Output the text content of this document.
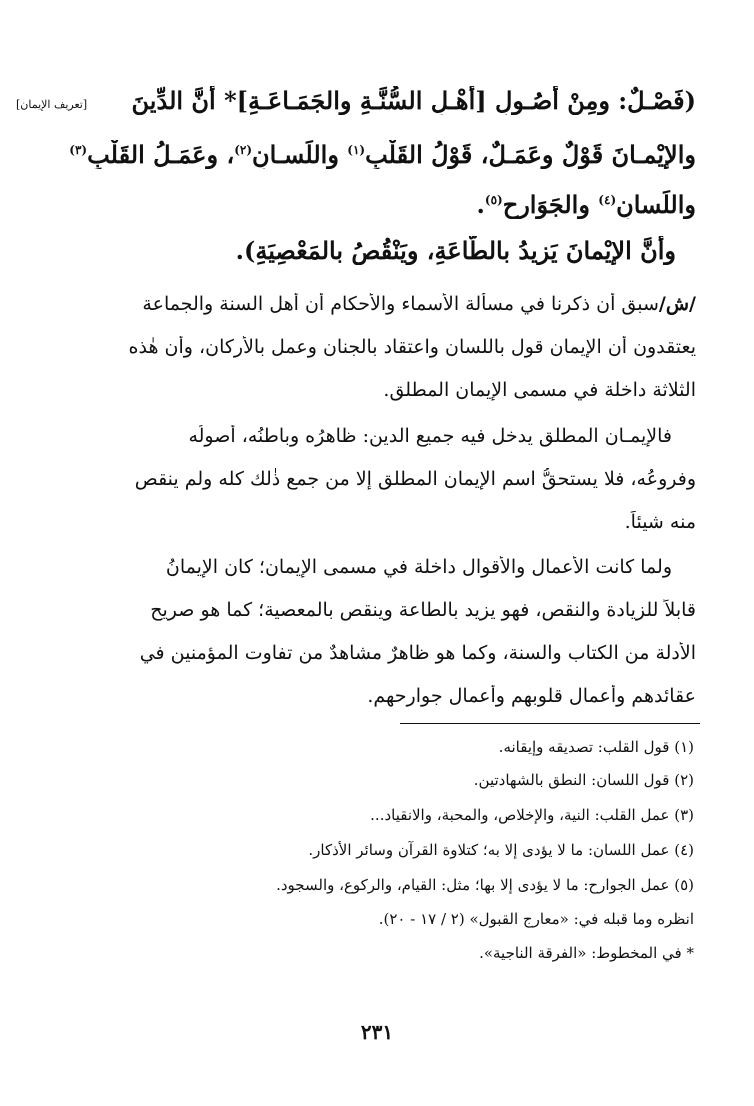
[تعريف الإيمان]	(فَصْـلٌ: ومِنْ أُصُـولِ [أَهْـلِ السُّنَّـةِ والجَمَـاعَـةِ]* أَنَّ الدِّينَ
والإِيْمـانَ قَوْلٌ وعَمَـلٌ، قَوْلُ القَلْبِ$^{(١)}$ واللِّسـانِ$^{(٢)}$، وعَمَـلُ القَلْبِ$^{(٣)}$
واللِّسانِ$^{(٤)}$ والجَوَارِحِ$^{(٥)}$.
وأَنَّ الإِيْمانَ يَزِيدُ بالطَّاعَةِ، ويَنْقُصُ بالمَعْصِيَةِ).
/ش/سبق أن ذكرنا في مسألة الأسماء والأحكام أن أهل السنة والجماعة
يعتقدون أن الإيمان قول باللسان واعتقاد بالجنان وعمل بالأركان، وأن هٰذه
الثلاثة داخلة في مسمى الإيمان المطلق.
فالإيمـان المطلق يدخل فيه جميع الدين: ظاهرُه وباطنُه، أصولُه
وفروعُه، فلا يستحقُّ اسم الإيمان المطلق إلا من جمع ذٰلك كله ولم ينقص
منه شيئاً.
ولما كانت الأعمال والأقوال داخلة في مسمى الإيمان؛ كان الإيمانُ
قابلاً للزيادة والنقص، فهو يزيد بالطاعة وينقص بالمعصية؛ كما هو صريح
الأدلة من الكتاب والسنة، وكما هو ظاهرٌ مشاهدٌ من تفاوت المؤمنين في
عقائدهم وأعمال قلوبهم وأعمال جوارحهم.
(١) قول القلب: تصديقه وإيقانه.
(٢) قول اللسان: النطق بالشهادتين.
(٣) عمل القلب: النية، والإخلاص، والمحبة، والانقياد...
(٤) عمل اللسان: ما لا يؤدى إلا به؛ كتلاوة القرآن وسائر الأذكار.
(٥) عمل الجوارح: ما لا يؤدى إلا بها؛ مثل: القيام، والركوع، والسجود.
انظره وما قبله في: «معارج القبول» (٢ / ١٧ - ٢٠).
* في المخطوط: «الفرقة الناجية».
٢٣١
